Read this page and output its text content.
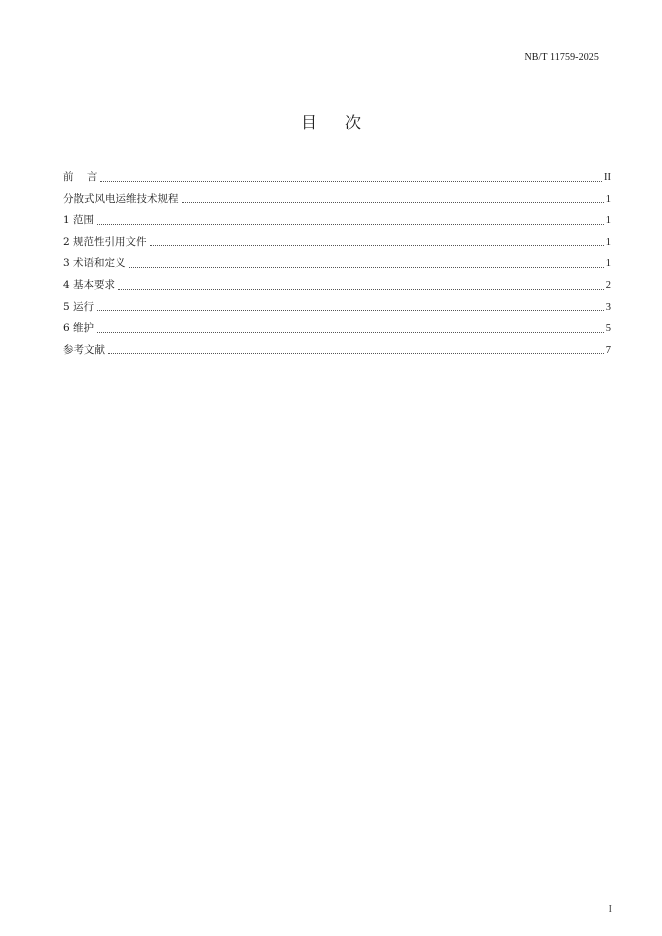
NB/T 11759-2025
目次
前    言	II
分散式风电运维技术规程	1
1 范围	1
2 规范性引用文件	1
3 术语和定义	1
4 基本要求	2
5 运行	3
6 维护	5
参考文献	7
I
